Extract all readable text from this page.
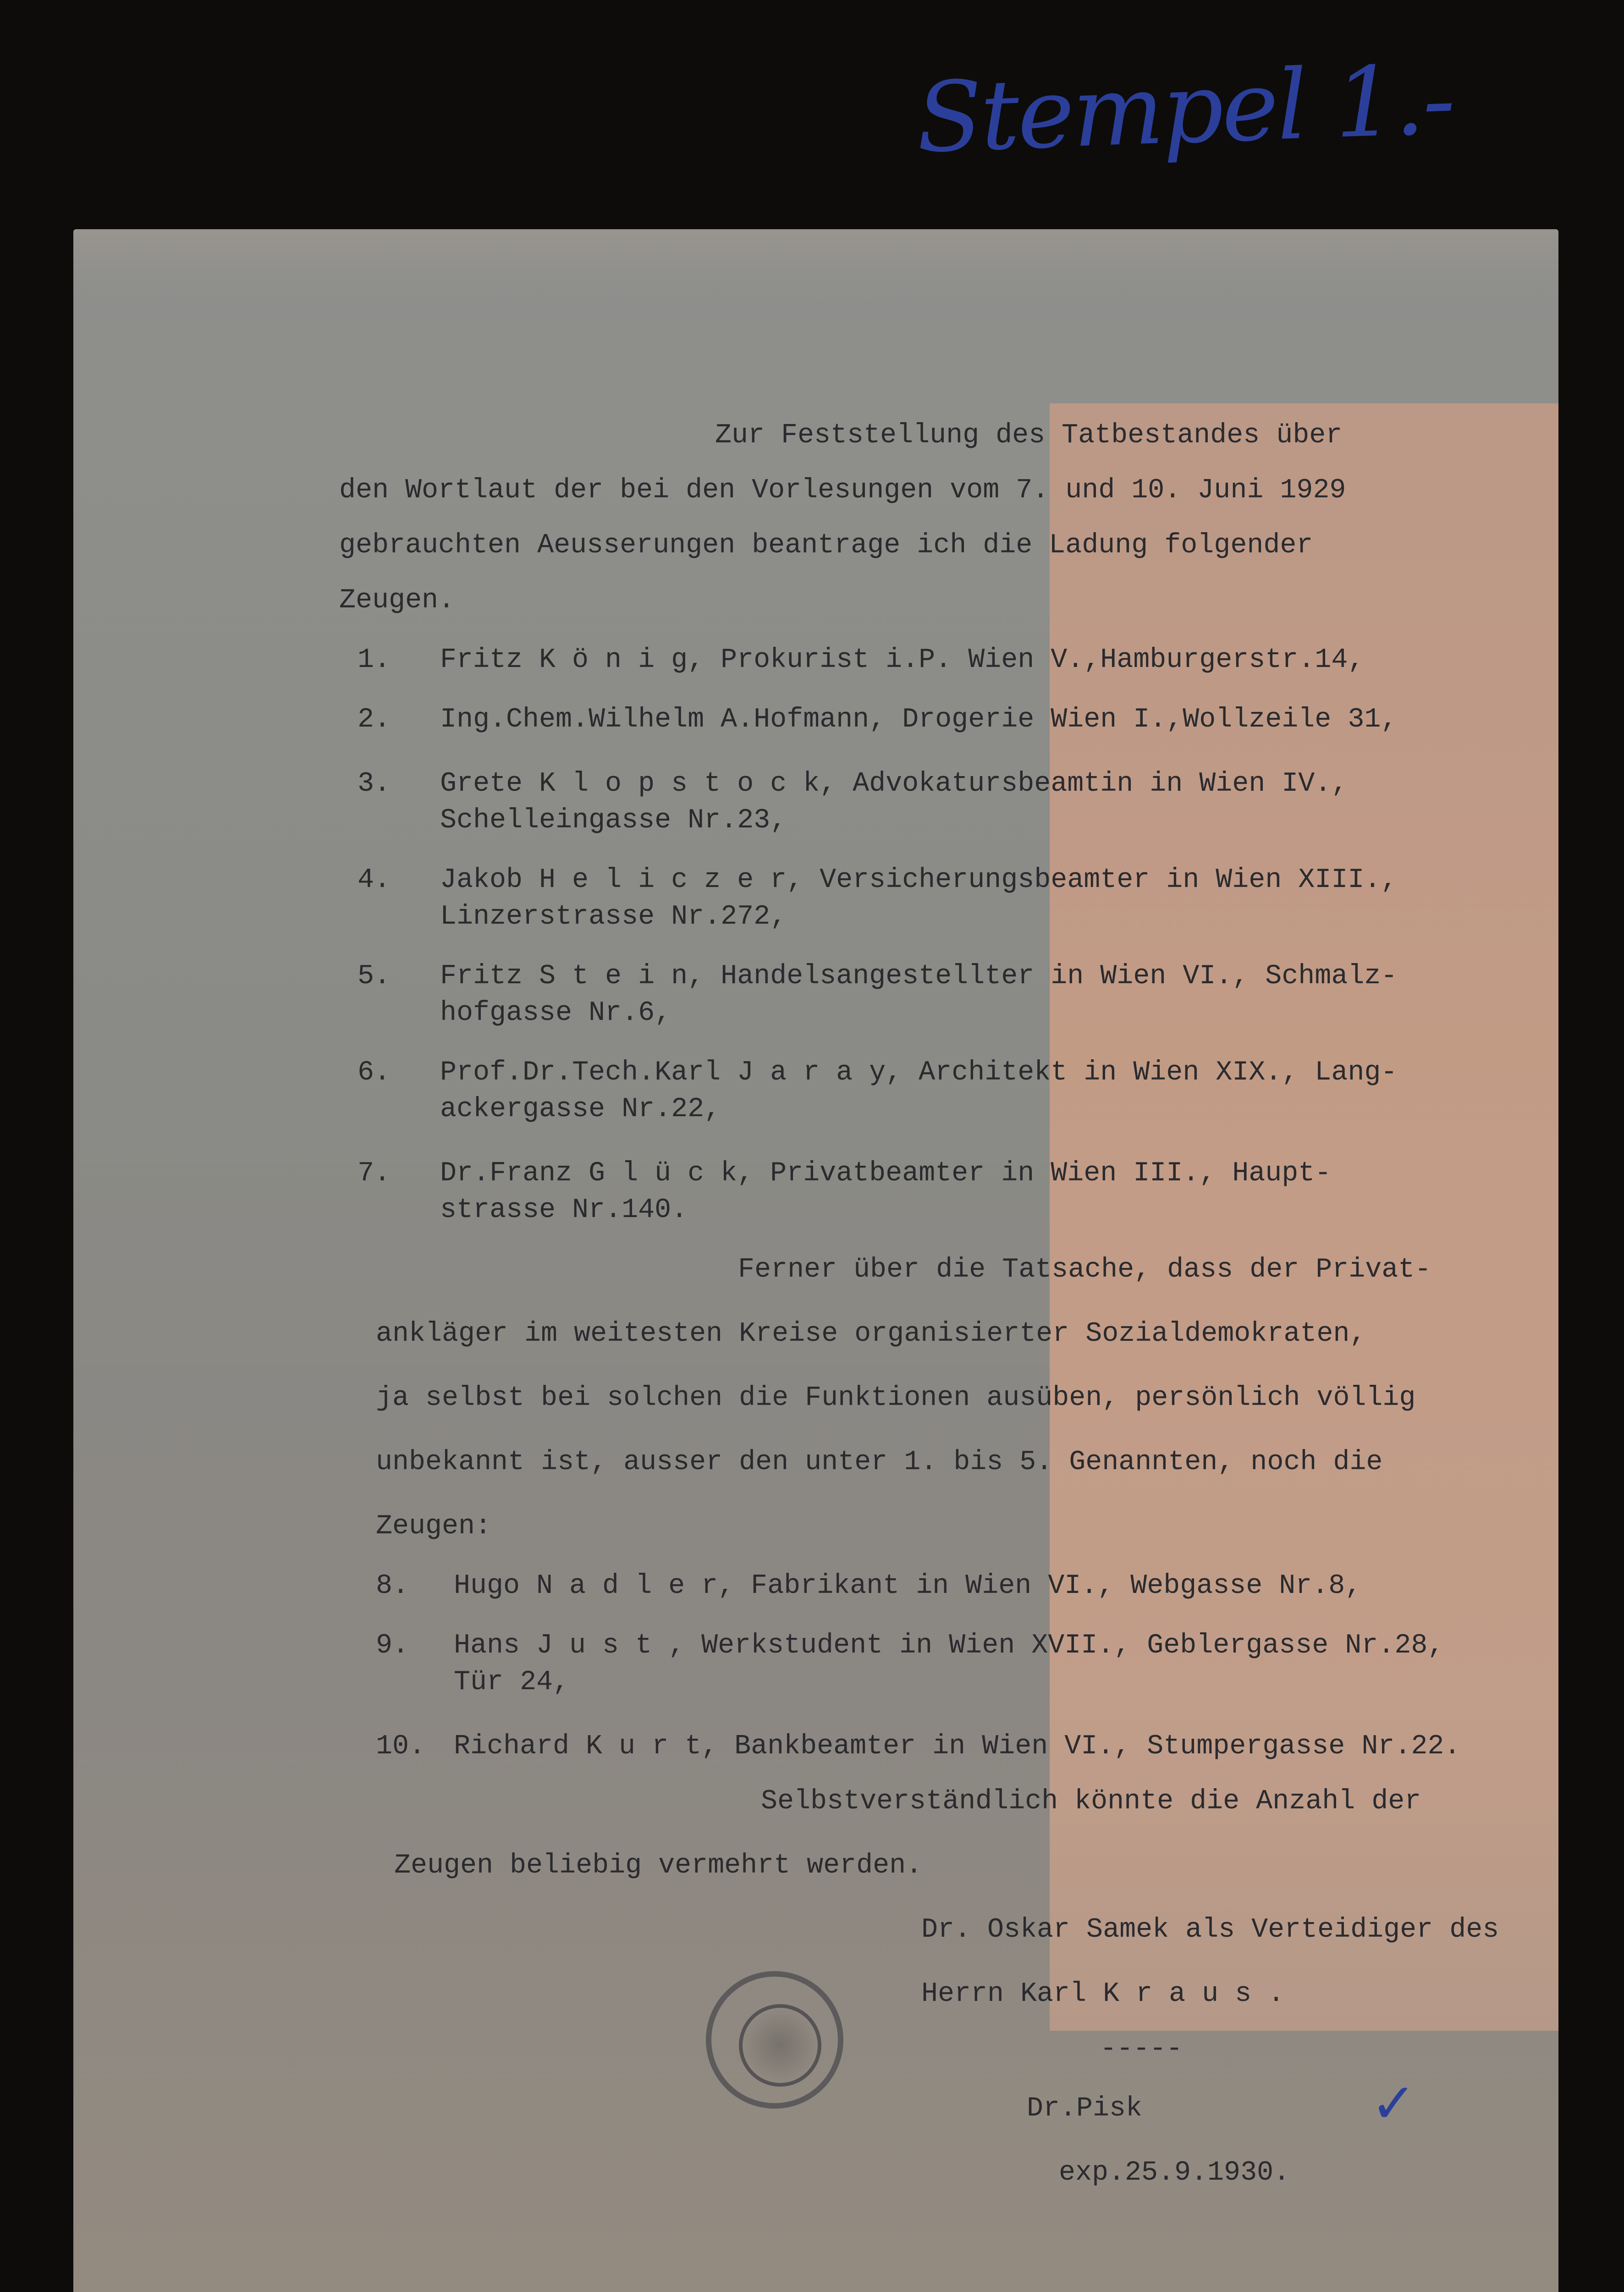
Stempel 1.-
Zur Feststellung des Tatbestandes über
den Wortlaut der bei den Vorlesungen vom 7. und 10. Juni 1929
gebrauchten Aeusserungen beantrage ich die Ladung folgender
Zeugen.
1. Fritz K ö n i g, Prokurist i.P. Wien V.,Hamburgerstr.14,
2. Ing.Chem.Wilhelm A.Hofmann, Drogerie Wien I.,Wollzeile 31,
3. Grete K l o p s t o c k, Advokatursbeamtin in Wien IV.,
Schelleingasse Nr.23,
4. Jakob H e l i c z e r, Versicherungsbeamter in Wien XIII.,
Linzerstrasse Nr.272,
5. Fritz S t e i n, Handelsangestellter in Wien VI., Schmalz-
hofgasse Nr.6,
6. Prof.Dr.Tech.Karl J a r a y, Architekt in Wien XIX., Lang-
ackergasse Nr.22,
7. Dr.Franz G l ü c k, Privatbeamter in Wien III., Haupt-
strasse Nr.140.
Ferner über die Tatsache, dass der Privat-
ankläger im weitesten Kreise organisierter Sozialdemokraten,
ja selbst bei solchen die Funktionen ausüben, persönlich völlig
unbekannt ist, ausser den unter 1. bis 5. Genannten, noch die
Zeugen:
8. Hugo N a d l e r, Fabrikant in Wien VI., Webgasse Nr.8,
9. Hans J u s t , Werkstudent in Wien XVII., Geblergasse Nr.28,
Tür 24,
10. Richard K u r t, Bankbeamter in Wien VI., Stumpergasse Nr.22.
Selbstverständlich könnte die Anzahl der
Zeugen beliebig vermehrt werden.
Dr. Oskar Samek als Verteidiger des
Herrn Karl K r a u s .
-----
Dr.Pisk
exp.25.9.1930.
✓
